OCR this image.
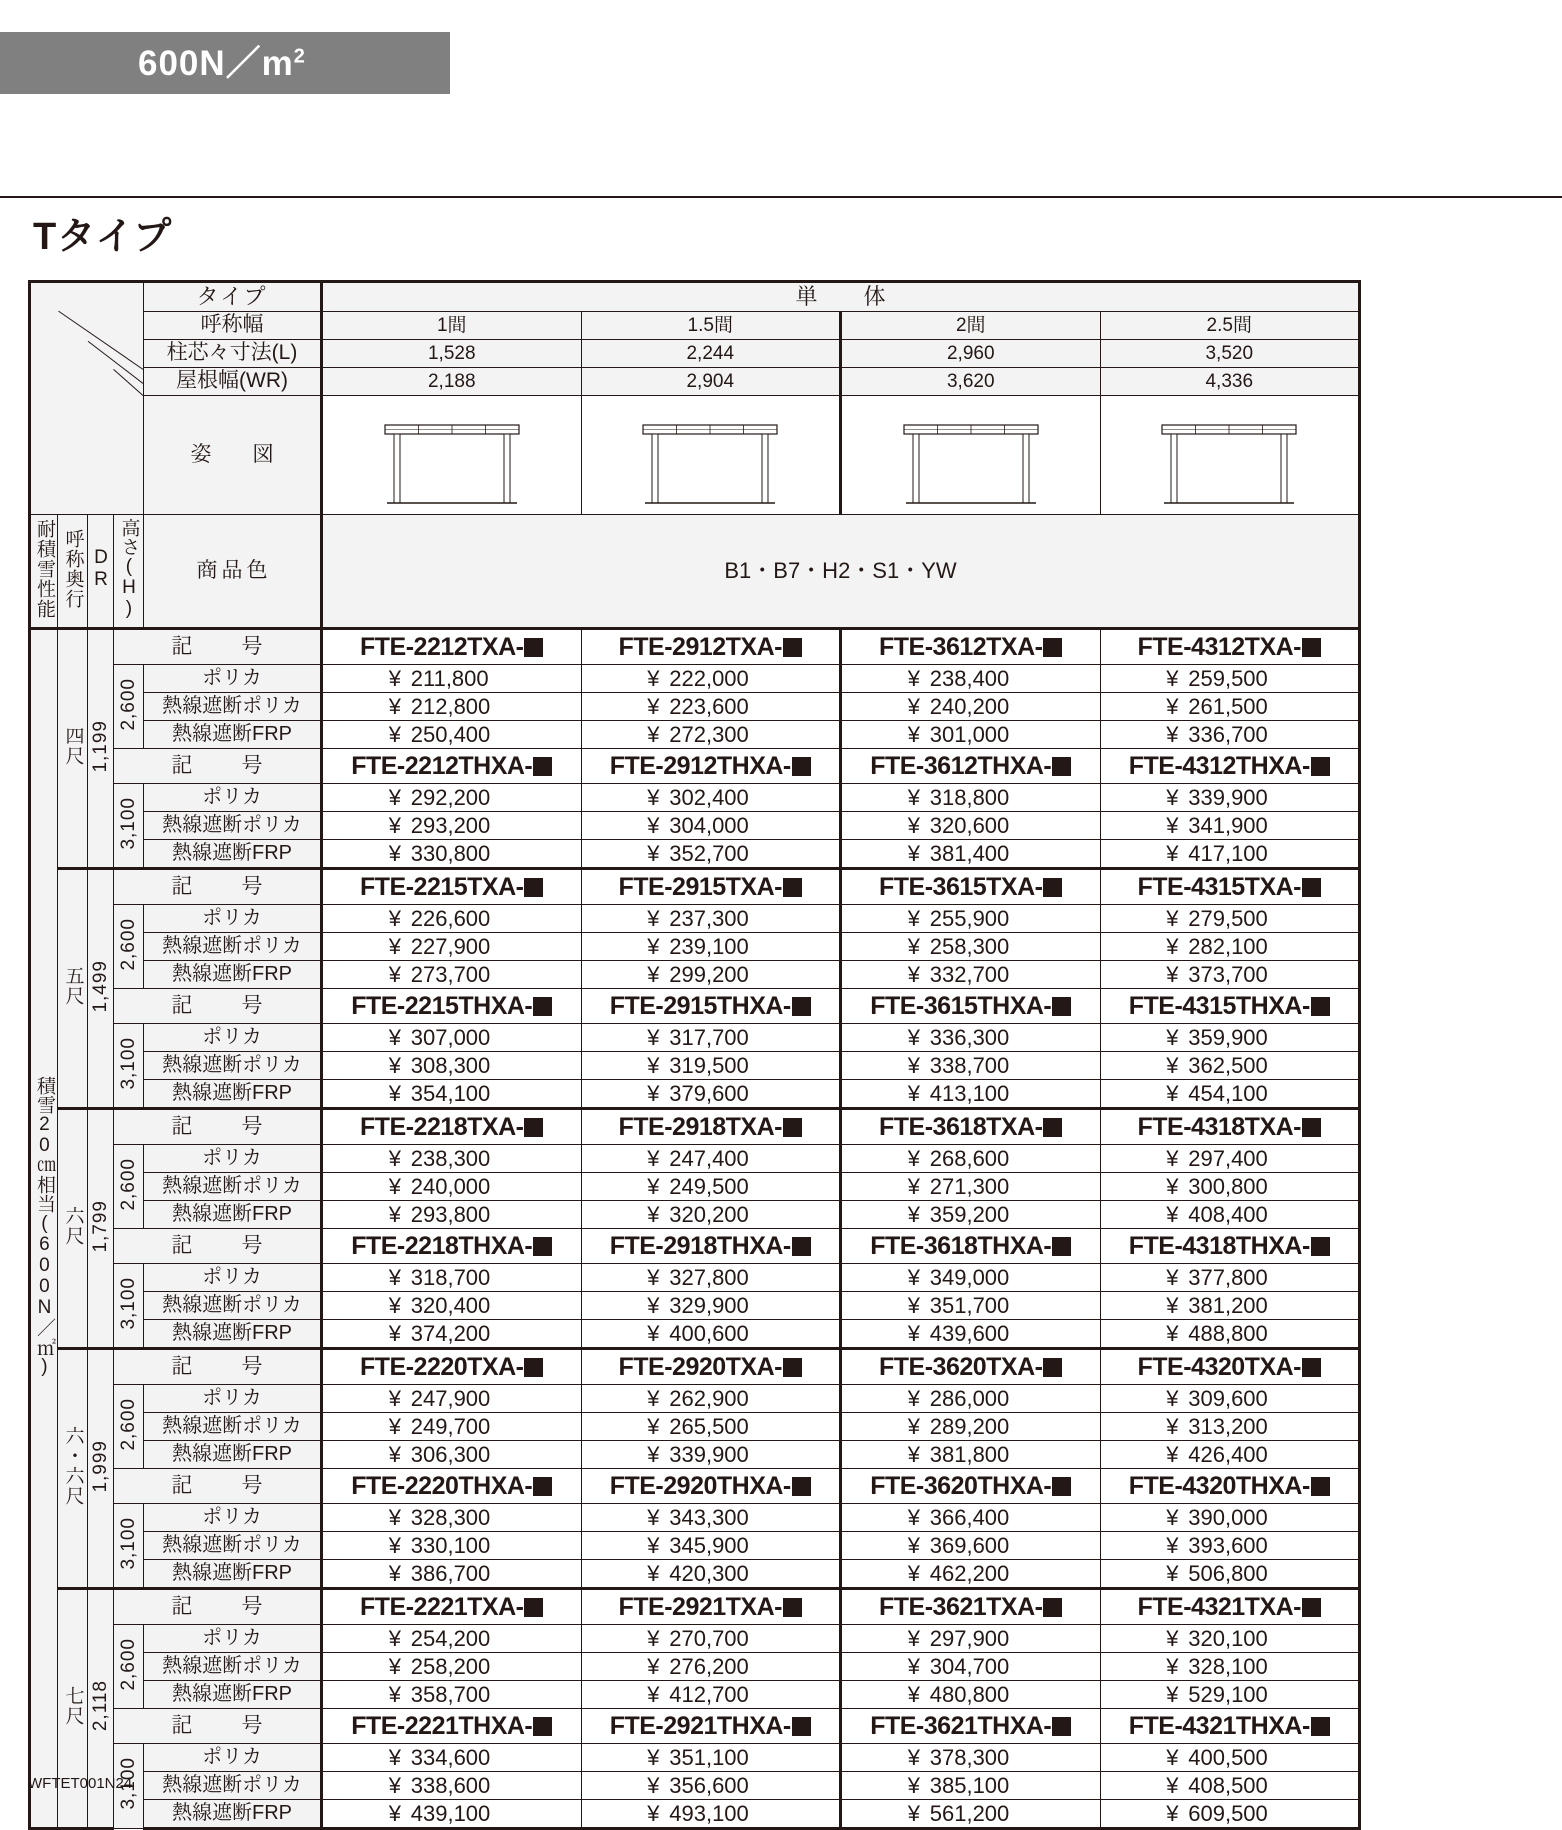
$600N/m^2$
Tタイプ
	タイプ	単　体			
				呼称幅	1間	1.5間	2間	2.5間
				柱芯々寸法(L)	1,528	2,244	2,960	3,520
				屋根幅(WR)	2,188	2,904	3,620	4,336
				姿　図	

耐積雪性能	呼称奥行	DR	高さ(H)	商品色	B1・B7・H2・S1・YW			
積雪20㎝相当(600N／㎡)	四尺	1,199	記　号		FTE-2212TXA-	FTE-2912TXA-	FTE-3612TXA-	FTE-4312TXA-
			2,600	ポリカ	¥ 211,800	¥ 222,000	¥ 238,400	¥ 259,500
				熱線遮断ポリカ	¥ 212,800	¥ 223,600	¥ 240,200	¥ 261,500
				熱線遮断FRP	¥ 250,400	¥ 272,300	¥ 301,000	¥ 336,700
			記　号		FTE-2212THXA-	FTE-2912THXA-	FTE-3612THXA-	FTE-4312THXA-
			3,100	ポリカ	¥ 292,200	¥ 302,400	¥ 318,800	¥ 339,900
				熱線遮断ポリカ	¥ 293,200	¥ 304,000	¥ 320,600	¥ 341,900
				熱線遮断FRP	¥ 330,800	¥ 352,700	¥ 381,400	¥ 417,100
	五尺	1,499	記　号		FTE-2215TXA-	FTE-2915TXA-	FTE-3615TXA-	FTE-4315TXA-
			2,600	ポリカ	¥ 226,600	¥ 237,300	¥ 255,900	¥ 279,500
				熱線遮断ポリカ	¥ 227,900	¥ 239,100	¥ 258,300	¥ 282,100
				熱線遮断FRP	¥ 273,700	¥ 299,200	¥ 332,700	¥ 373,700
			記　号		FTE-2215THXA-	FTE-2915THXA-	FTE-3615THXA-	FTE-4315THXA-
			3,100	ポリカ	¥ 307,000	¥ 317,700	¥ 336,300	¥ 359,900
				熱線遮断ポリカ	¥ 308,300	¥ 319,500	¥ 338,700	¥ 362,500
				熱線遮断FRP	¥ 354,100	¥ 379,600	¥ 413,100	¥ 454,100
	六尺	1,799	記　号		FTE-2218TXA-	FTE-2918TXA-	FTE-3618TXA-	FTE-4318TXA-
			2,600	ポリカ	¥ 238,300	¥ 247,400	¥ 268,600	¥ 297,400
				熱線遮断ポリカ	¥ 240,000	¥ 249,500	¥ 271,300	¥ 300,800
				熱線遮断FRP	¥ 293,800	¥ 320,200	¥ 359,200	¥ 408,400
			記　号		FTE-2218THXA-	FTE-2918THXA-	FTE-3618THXA-	FTE-4318THXA-
			3,100	ポリカ	¥ 318,700	¥ 327,800	¥ 349,000	¥ 377,800
				熱線遮断ポリカ	¥ 320,400	¥ 329,900	¥ 351,700	¥ 381,200
				熱線遮断FRP	¥ 374,200	¥ 400,600	¥ 439,600	¥ 488,800
	六・六尺	1,999	記　号		FTE-2220TXA-	FTE-2920TXA-	FTE-3620TXA-	FTE-4320TXA-
			2,600	ポリカ	¥ 247,900	¥ 262,900	¥ 286,000	¥ 309,600
				熱線遮断ポリカ	¥ 249,700	¥ 265,500	¥ 289,200	¥ 313,200
				熱線遮断FRP	¥ 306,300	¥ 339,900	¥ 381,800	¥ 426,400
			記　号		FTE-2220THXA-	FTE-2920THXA-	FTE-3620THXA-	FTE-4320THXA-
			3,100	ポリカ	¥ 328,300	¥ 343,300	¥ 366,400	¥ 390,000
				熱線遮断ポリカ	¥ 330,100	¥ 345,900	¥ 369,600	¥ 393,600
				熱線遮断FRP	¥ 386,700	¥ 420,300	¥ 462,200	¥ 506,800
	七尺	2,118	記　号		FTE-2221TXA-	FTE-2921TXA-	FTE-3621TXA-	FTE-4321TXA-
			2,600	ポリカ	¥ 254,200	¥ 270,700	¥ 297,900	¥ 320,100
				熱線遮断ポリカ	¥ 258,200	¥ 276,200	¥ 304,700	¥ 328,100
				熱線遮断FRP	¥ 358,700	¥ 412,700	¥ 480,800	¥ 529,100
			記　号		FTE-2221THXA-	FTE-2921THXA-	FTE-3621THXA-	FTE-4321THXA-
			3,100	ポリカ	¥ 334,600	¥ 351,100	¥ 378,300	¥ 400,500
				熱線遮断ポリカ	¥ 338,600	¥ 356,600	¥ 385,100	¥ 408,500
				熱線遮断FRP	¥ 439,100	¥ 493,100	¥ 561,200	¥ 609,500
WFTET001N24
